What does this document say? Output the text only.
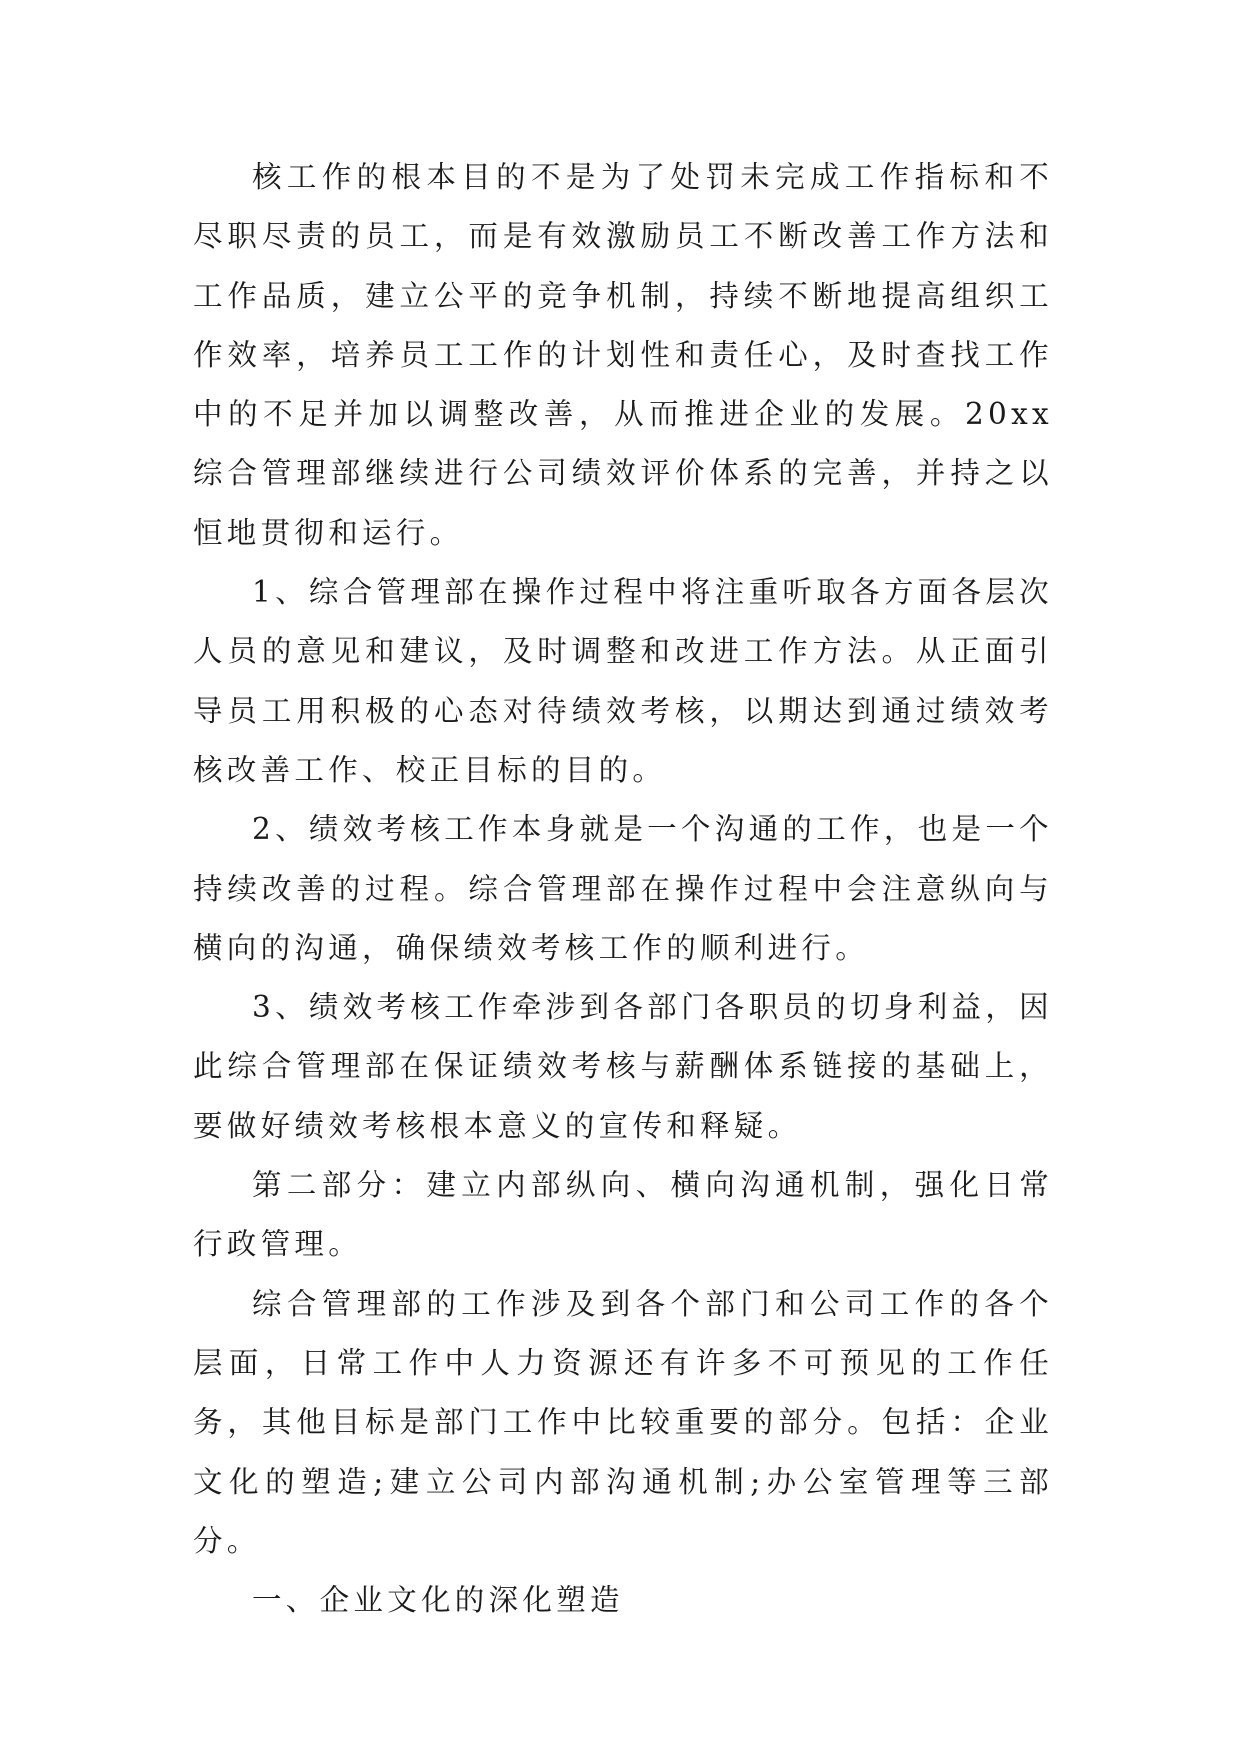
核工作的根本目的不是为了处罚未完成工作指标和不尽职尽责的员工，而是有效激励员工不断改善工作方法和工作品质，建立公平的竞争机制，持续不断地提高组织工作效率，培养员工工作的计划性和责任心，及时查找工作中的不足并加以调整改善，从而推进企业的发展。20xx综合管理部继续进行公司绩效评价体系的完善，并持之以恒地贯彻和运行。

1、综合管理部在操作过程中将注重听取各方面各层次人员的意见和建议，及时调整和改进工作方法。从正面引导员工用积极的心态对待绩效考核，以期达到通过绩效考核改善工作、校正目标的目的。

2、绩效考核工作本身就是一个沟通的工作，也是一个持续改善的过程。综合管理部在操作过程中会注意纵向与横向的沟通，确保绩效考核工作的顺利进行。

3、绩效考核工作牵涉到各部门各职员的切身利益，因此综合管理部在保证绩效考核与薪酬体系链接的基础上，要做好绩效考核根本意义的宣传和释疑。

第二部分：建立内部纵向、横向沟通机制，强化日常行政管理。

综合管理部的工作涉及到各个部门和公司工作的各个层面，日常工作中人力资源还有许多不可预见的工作任务，其他目标是部门工作中比较重要的部分。包括：企业文化的塑造;建立公司内部沟通机制;办公室管理等三部分。

一、企业文化的深化塑造
